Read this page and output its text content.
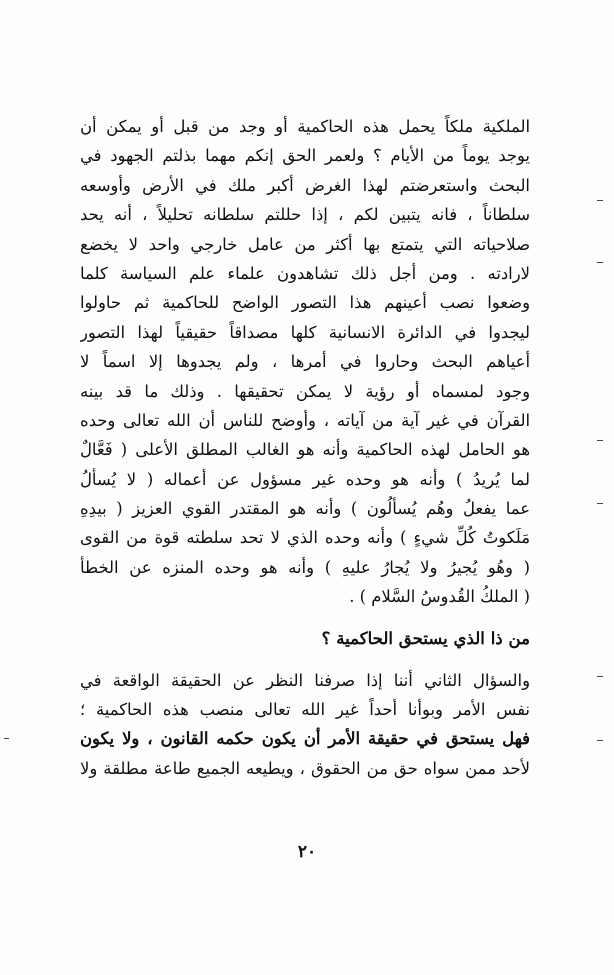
الملكية ملكاً يحمل هذه الحاكمية أو وجد من قبل أو يمكن أن
يوجد يوماً من الأيام ؟ ولعمر الحق إنكم مهما بذلتم الجهود في
البحث واستعرضتم لهذا الغرض أكبر ملك في الأرض وأوسعه
سلطاناً ، فانه يتبين لكم ، إذا حللتم سلطانه تحليلاً ، أنه يحد
صلاحياته التي يتمتع بها أكثر من عامل خارجي واحد لا يخضع
لارادته . ومن أجل ذلك تشاهدون علماء علم السياسة كلما
وضعوا نصب أعينهم هذا التصور الواضح للحاكمية ثم حاولوا
ليجدوا في الدائرة الانسانية كلها مصداقاً حقيقياً لهذا التصور
أعياهم البحث وحاروا في أمرها ، ولم يجدوها إلا اسماً لا
وجود لمسماه أو رؤية لا يمكن تحقيقها . وذلك ما قد بينه
القرآن في غير آية من آياته ، وأوضح للناس أن الله تعالى وحده
هو الحامل لهذه الحاكمية وأنه هو الغالب المطلق الأعلى ( فَعَّالٌ
لما يُريدُ ) وأنه هو وحده غير مسؤول عن أعماله ( لا يُسألُ
عما يفعلُ وهُم يُسألُون ) وأنه هو المقتدر القوي العزيز ( بيدِهِ
مَلَكوتُ كُلِّ شيءٍ ) وأنه وحده الذي لا تحد سلطته قوة من القوى
( وهُو يُجيرُ ولا يُجارُ عليهِ ) وأنه هو وحده المنزه عن الخطأ
( الملكُ القُدوسُ السَّلام ) .
من ذا الذي يستحق الحاكمية ؟
والسؤال الثاني أننا إذا صرفنا النظر عن الحقيقة الواقعة في
نفس الأمر وبوأنا أحداً غير الله تعالى منصب هذه الحاكمية ؛
فهل يستحق في حقيقة الأمر أن يكون حكمه القانون ، ولا يكون
لأحد ممن سواه حق من الحقوق ، ويطيعه الجميع طاعة مطلقة ولا
٢٠
